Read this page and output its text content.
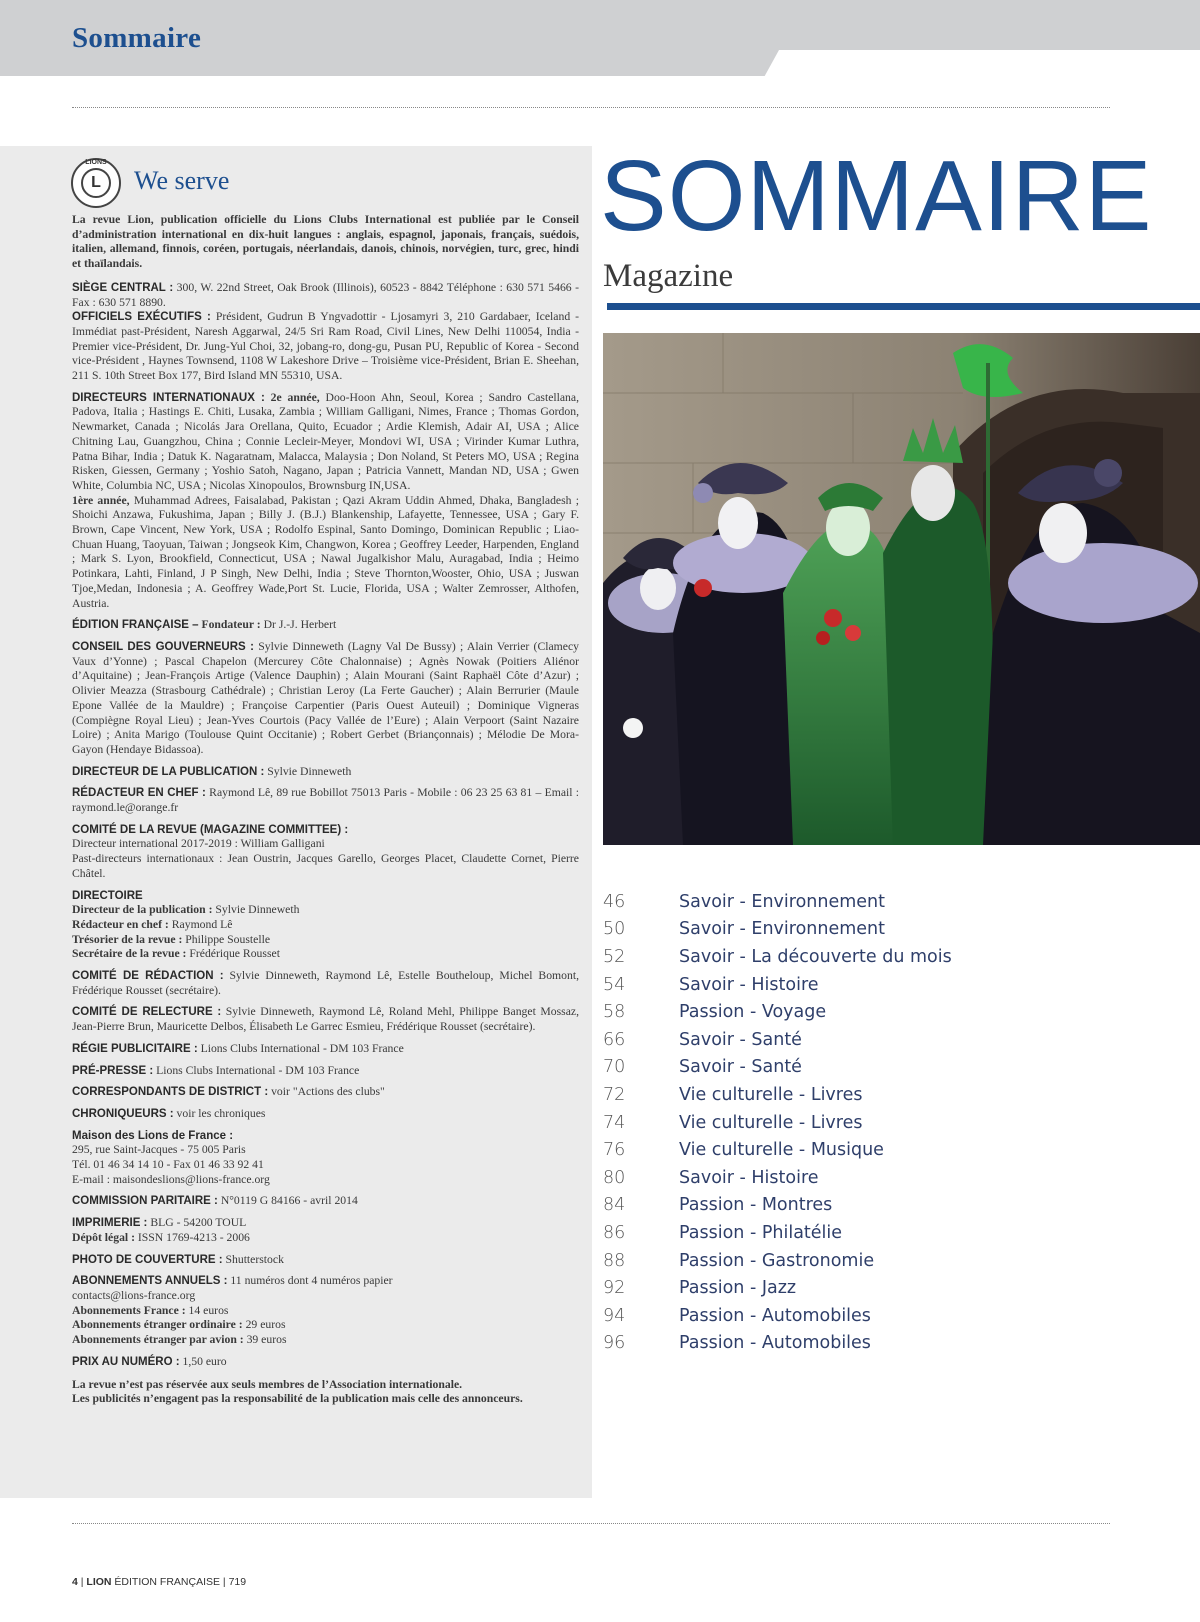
Sommaire
LIONS
L	We serve

La revue Lion, publication officielle du Lions Clubs International est publiée par le Conseil d’administration international en dix-huit langues : anglais, espagnol, japonais, français, suédois, italien, allemand, finnois, coréen, portugais, néerlandais, danois, chinois, norvégien, turc, grec, hindi et thaïlandais.

SIÈGE CENTRAL : 300, W. 22nd Street, Oak Brook (Illinois), 60523 - 8842 Téléphone : 630 571 5466 - Fax : 630 571 8890.

OFFICIELS EXÉCUTIFS : Président, Gudrun B Yngvadottir - Ljosamyri 3, 210 Gardabaer, Iceland - Immédiat past-Président, Naresh Aggarwal, 24/5 Sri Ram Road, Civil Lines, New Delhi 110054, India - Premier vice-Président, Dr. Jung-Yul Choi, 32, jobang-ro, dong-gu, Pusan PU, Republic of Korea - Second vice-Président , Haynes Townsend, 1108 W Lakeshore Drive – Troisième vice-Président, Brian E. Sheehan, 211 S. 10th Street Box 177, Bird Island MN 55310, USA.

DIRECTEURS INTERNATIONAUX : 2e année, Doo-Hoon Ahn, Seoul, Korea ; Sandro Castellana, Padova, Italia ; Hastings E. Chiti, Lusaka, Zambia ; William Galligani, Nimes, France ; Thomas Gordon, Newmarket, Canada ; Nicolás Jara Orellana, Quito, Ecuador ; Ardie Klemish, Adair AI, USA ; Alice Chitning Lau, Guangzhou, China ; Connie Lecleir-Meyer, Mondovi WI, USA ; Virinder Kumar Luthra, Patna Bihar, India ; Datuk K. Nagaratnam, Malacca, Malaysia ; Don Noland, St Peters MO, USA ; Regina Risken, Giessen, Germany ; Yoshio Satoh, Nagano, Japan ; Patricia Vannett, Mandan ND, USA ; Gwen White, Columbia NC, USA ; Nicolas Xinopoulos, Brownsburg IN,USA.
1ère année, Muhammad Adrees, Faisalabad, Pakistan ; Qazi Akram Uddin Ahmed, Dhaka, Bangladesh ; Shoichi Anzawa, Fukushima, Japan ; Billy J. (B.J.) Blankenship, Lafayette, Tennessee, USA ; Gary F. Brown, Cape Vincent, New York, USA ; Rodolfo Espinal, Santo Domingo, Dominican Republic ; Liao-Chuan Huang, Taoyuan, Taiwan ; Jongseok Kim, Changwon, Korea ; Geoffrey Leeder, Harpenden, England ; Mark S. Lyon, Brookfield, Connecticut, USA ; Nawal Jugalkishor Malu, Auragabad, India ; Heimo Potinkara, Lahti, Finland, J P Singh, New Delhi, India ; Steve Thornton,Wooster, Ohio, USA ; Juswan Tjoe,Medan, Indonesia ; A. Geoffrey Wade,Port St. Lucie, Florida, USA ; Walter Zemrosser, Althofen, Austria.

ÉDITION FRANÇAISE – Fondateur : Dr J.-J. Herbert

CONSEIL DES GOUVERNEURS : Sylvie Dinneweth (Lagny Val De Bussy) ; Alain Verrier (Clamecy Vaux d’Yonne) ; Pascal Chapelon (Mercurey Côte Chalonnaise) ; Agnès Nowak (Poitiers Aliénor d’Aquitaine) ; Jean-François Artige (Valence Dauphin) ; Alain Mourani (Saint Raphaël Côte d’Azur) ; Olivier Meazza (Strasbourg Cathédrale) ; Christian Leroy (La Ferte Gaucher) ; Alain Berrurier (Maule Epone Vallée de la Mauldre) ; Françoise Carpentier (Paris Ouest Auteuil) ; Dominique Vigneras (Compiègne Royal Lieu) ; Jean-Yves Courtois (Pacy Vallée de l’Eure) ; Alain Verpoort (Saint Nazaire Loire) ; Anita Marigo (Toulouse Quint Occitanie) ; Robert Gerbet (Briançonnais) ; Mélodie De Mora-Gayon (Hendaye Bidassoa).

DIRECTEUR DE LA PUBLICATION : Sylvie Dinneweth

RÉDACTEUR EN CHEF : Raymond Lê, 89 rue Bobillot 75013 Paris - Mobile : 06 23 25 63 81 – Email : raymond.le@orange.fr

COMITÉ DE LA REVUE (MAGAZINE COMMITTEE) :
Directeur international 2017-2019 : William Galligani
Past-directeurs internationaux : Jean Oustrin, Jacques Garello, Georges Placet, Claudette Cornet, Pierre Châtel.

DIRECTOIRE
Directeur de la publication : Sylvie Dinneweth
Rédacteur en chef : Raymond Lê
Trésorier de la revue : Philippe Soustelle
Secrétaire de la revue : Frédérique Rousset

COMITÉ DE RÉDACTION : Sylvie Dinneweth, Raymond Lê, Estelle Boutheloup, Michel Bomont, Frédérique Rousset (secrétaire).

COMITÉ DE RELECTURE : Sylvie Dinneweth, Raymond Lê, Roland Mehl, Philippe Banget Mossaz, Jean-Pierre Brun, Mauricette Delbos, Élisabeth Le Garrec Esmieu, Frédérique Rousset (secrétaire).

RÉGIE PUBLICITAIRE : Lions Clubs International - DM 103 France

PRÉ-PRESSE : Lions Clubs International - DM 103 France

CORRESPONDANTS DE DISTRICT : voir "Actions des clubs"

CHRONIQUEURS : voir les chroniques

Maison des Lions de France :
295, rue Saint-Jacques - 75 005 Paris
Tél. 01 46 34 14 10 - Fax 01 46 33 92 41
E-mail : maisondeslions@lions-france.org

COMMISSION PARITAIRE : N°0119 G 84166 - avril 2014

IMPRIMERIE : BLG - 54200 TOUL
Dépôt légal : ISSN 1769-4213 - 2006

PHOTO DE COUVERTURE : Shutterstock

ABONNEMENTS ANNUELS : 11 numéros dont 4 numéros papier
contacts@lions-france.org
Abonnements France : 14 euros
Abonnements étranger ordinaire : 29 euros
Abonnements étranger par avion : 39 euros

PRIX AU NUMÉRO : 1,50 euro

La revue n’est pas réservée aux seuls membres de l’Association internationale.
Les publicités n’engagent pas la responsabilité de la publication mais celle des annonceurs.

SOMMAIRE
Magazine
46	Savoir - Environnement
50	Savoir - Environnement
52	Savoir - La découverte du mois
54	Savoir - Histoire
58	Passion - Voyage
66	Savoir - Santé
70	Savoir - Santé
72	Vie culturelle - Livres
74	Vie culturelle - Livres
76	Vie culturelle - Musique
80	Savoir - Histoire
84	Passion - Montres
86	Passion - Philatélie
88	Passion - Gastronomie
92	Passion - Jazz
94	Passion - Automobiles
96	Passion - Automobiles
4 | LION ÉDITION FRANÇAISE | 719
